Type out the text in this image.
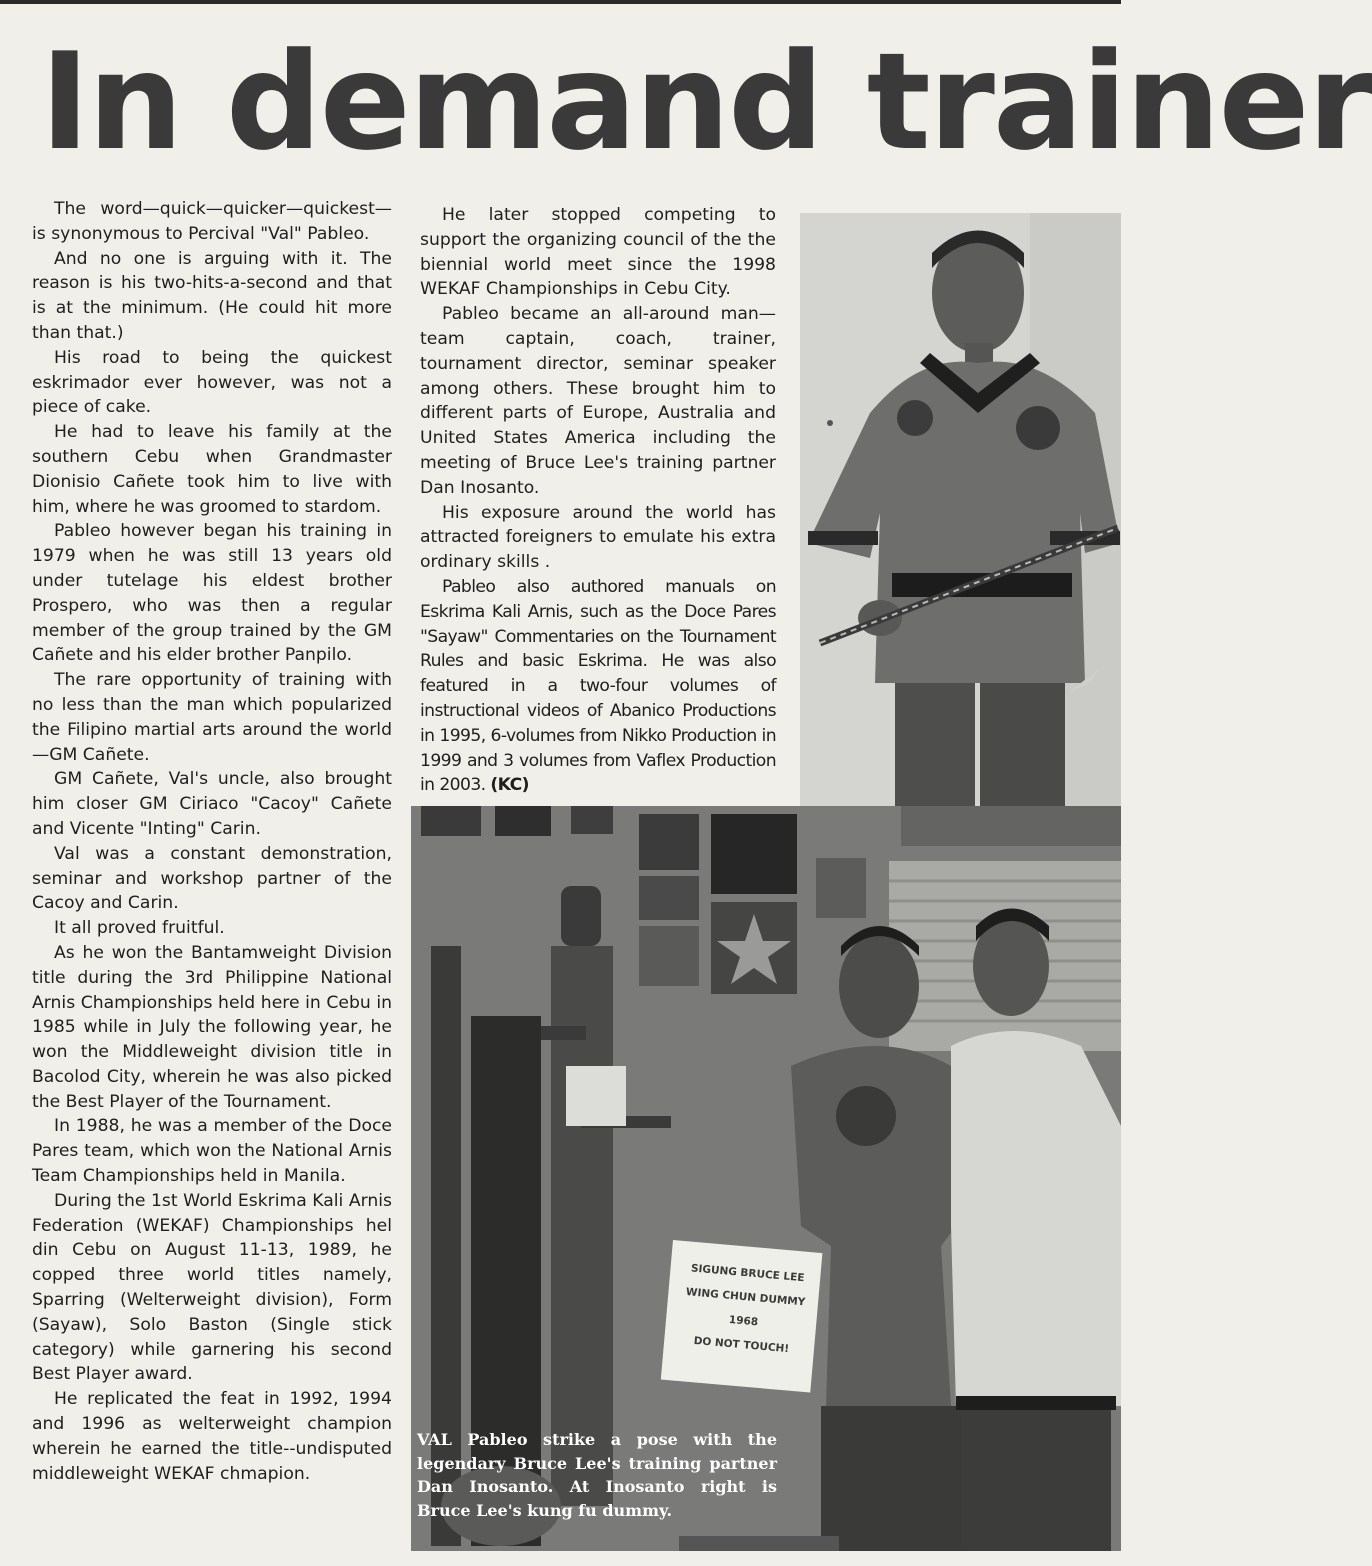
In demand trainer

The word—quick—quicker—quickest—is synonymous to Percival "Val" Pableo.

And no one is arguing with it. The reason is his two-hits-a-second and that is at the minimum. (He could hit more than that.)

His road to being the quickest eskrimador ever however, was not a piece of cake.

He had to leave his family at the southern Cebu when Grandmaster Dionisio Cañete took him to live with him, where he was groomed to stardom.

Pableo however began his training in 1979 when he was still 13 years old under tutelage his eldest brother Prospero, who was then a regular member of the group trained by the GM Cañete and his elder brother Panpilo.

The rare opportunity of training with no less than the man which popularized the Filipino martial arts around the world—GM Cañete.

GM Cañete, Val's uncle, also brought him closer GM Ciriaco "Cacoy" Cañete and Vicente "Inting" Carin.

Val was a constant demonstration, seminar and workshop partner of the Cacoy and Carin.

It all proved fruitful.

As he won the Bantamweight Division title during the 3rd Philippine National Arnis Championships held here in Cebu in 1985 while in July the following year, he won the Middleweight division title in Bacolod City, wherein he was also picked the Best Player of the Tournament.

In 1988, he was a member of the Doce Pares team, which won the National Arnis Team Championships held in Manila.

During the 1st World Eskrima Kali Arnis Federation (WEKAF) Championships hel din Cebu on August 11-13, 1989, he copped three world titles namely, Sparring (Welterweight division), Form (Sayaw), Solo Baston (Single stick category) while garnering his second Best Player award.

He replicated the feat in 1992, 1994 and 1996 as welterweight champion wherein he earned the title--undisputed middleweight WEKAF chmapion.

He later stopped competing to support the organizing council of the the biennial world meet since the 1998 WEKAF Championships in Cebu City.

Pableo became an all-around man—team captain, coach, trainer, tournament director, seminar speaker among others. These brought him to different parts of Europe, Australia and United States America including the meeting of Bruce Lee's training partner Dan Inosanto.

His exposure around the world has attracted foreigners to emulate his extra ordinary skills .

Pableo also authored manuals on Eskrima Kali Arnis, such as the Doce Pares "Sayaw" Commentaries on the Tournament Rules and basic Eskrima. He was also featured in a two-four volumes of instructional videos of Abanico Productions in 1995, 6-volumes from Nikko Production in 1999 and 3 volumes from Vaflex Production in 2003. (KC)

SIGUNG BRUCE LEE
WING CHUN DUMMY
1968
DO NOT TOUCH!
VAL Pableo strike a pose with the legendary Bruce Lee's training partner Dan Inosanto. At Inosanto right is Bruce Lee's kung fu dummy.
